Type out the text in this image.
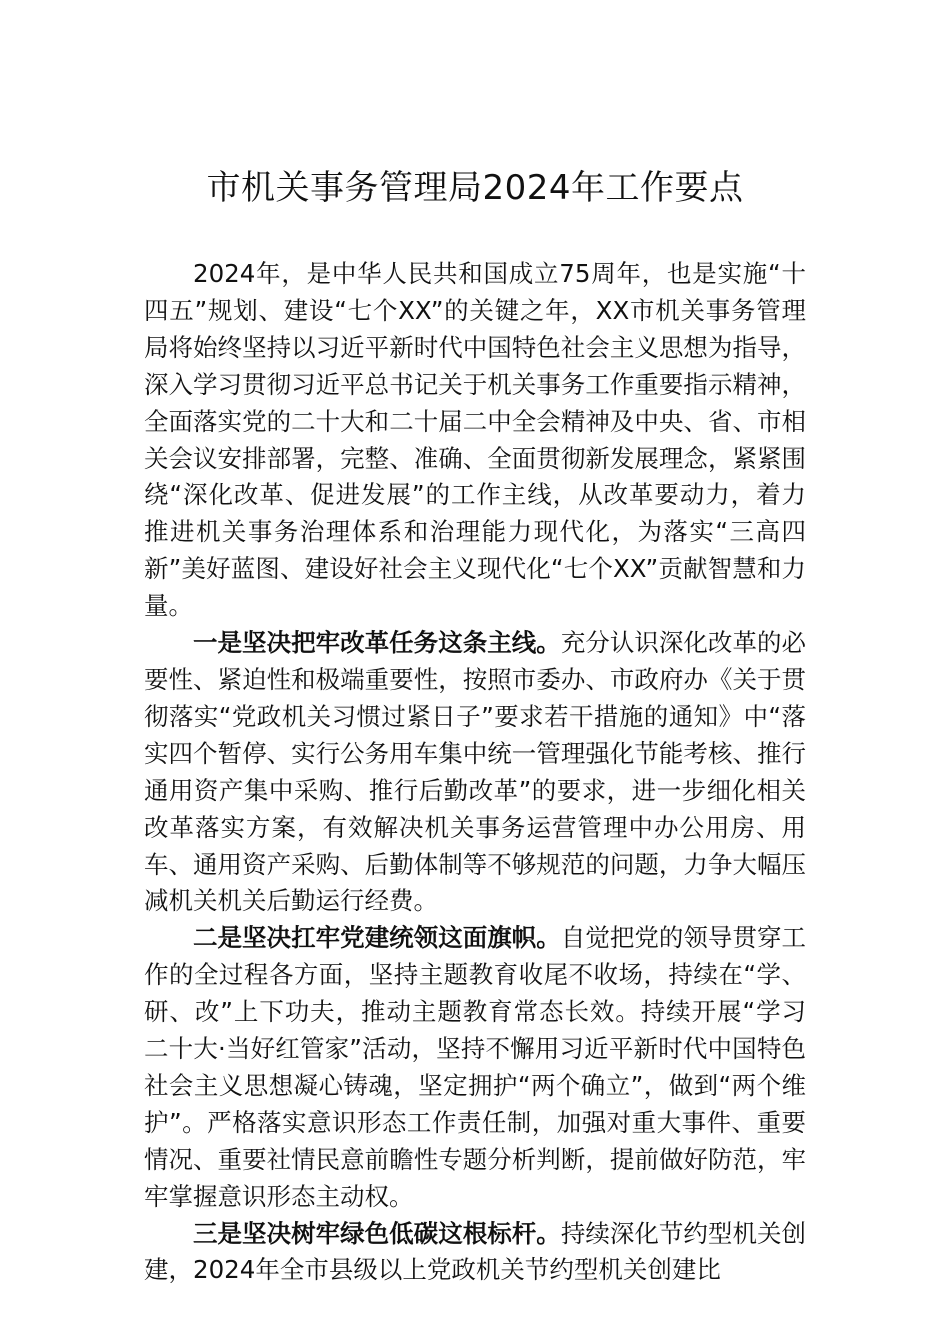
市机关事务管理局2024年工作要点

2024年，是中华人民共和国成立75周年，也是实施“十四五”规划、建设“七个XX”的关键之年，XX市机关事务管理局将始终坚持以习近平新时代中国特色社会主义思想为指导，深入学习贯彻习近平总书记关于机关事务工作重要指示精神，全面落实党的二十大和二十届二中全会精神及中央、省、市相关会议安排部署，完整、准确、全面贯彻新发展理念，紧紧围绕“深化改革、促进发展”的工作主线，从改革要动力，着力推进机关事务治理体系和治理能力现代化，为落实“三高四新”美好蓝图、建设好社会主义现代化“七个XX”贡献智慧和力量。

一是坚决把牢改革任务这条主线。充分认识深化改革的必要性、紧迫性和极端重要性，按照市委办、市政府办《关于贯彻落实“党政机关习惯过紧日子”要求若干措施的通知》中“落实四个暂停、实行公务用车集中统一管理强化节能考核、推行通用资产集中采购、推行后勤改革”的要求，进一步细化相关改革落实方案，有效解决机关事务运营管理中办公用房、用车、通用资产采购、后勤体制等不够规范的问题，力争大幅压减机关机关后勤运行经费。

二是坚决扛牢党建统领这面旗帜。自觉把党的领导贯穿工作的全过程各方面，坚持主题教育收尾不收场，持续在“学、研、改”上下功夫，推动主题教育常态长效。持续开展“学习二十大·当好红管家”活动，坚持不懈用习近平新时代中国特色社会主义思想凝心铸魂，坚定拥护“两个确立”，做到“两个维护”。严格落实意识形态工作责任制，加强对重大事件、重要情况、重要社情民意前瞻性专题分析判断，提前做好防范，牢牢掌握意识形态主动权。

三是坚决树牢绿色低碳这根标杆。持续深化节约型机关创建，2024年全市县级以上党政机关节约型机关创建比
